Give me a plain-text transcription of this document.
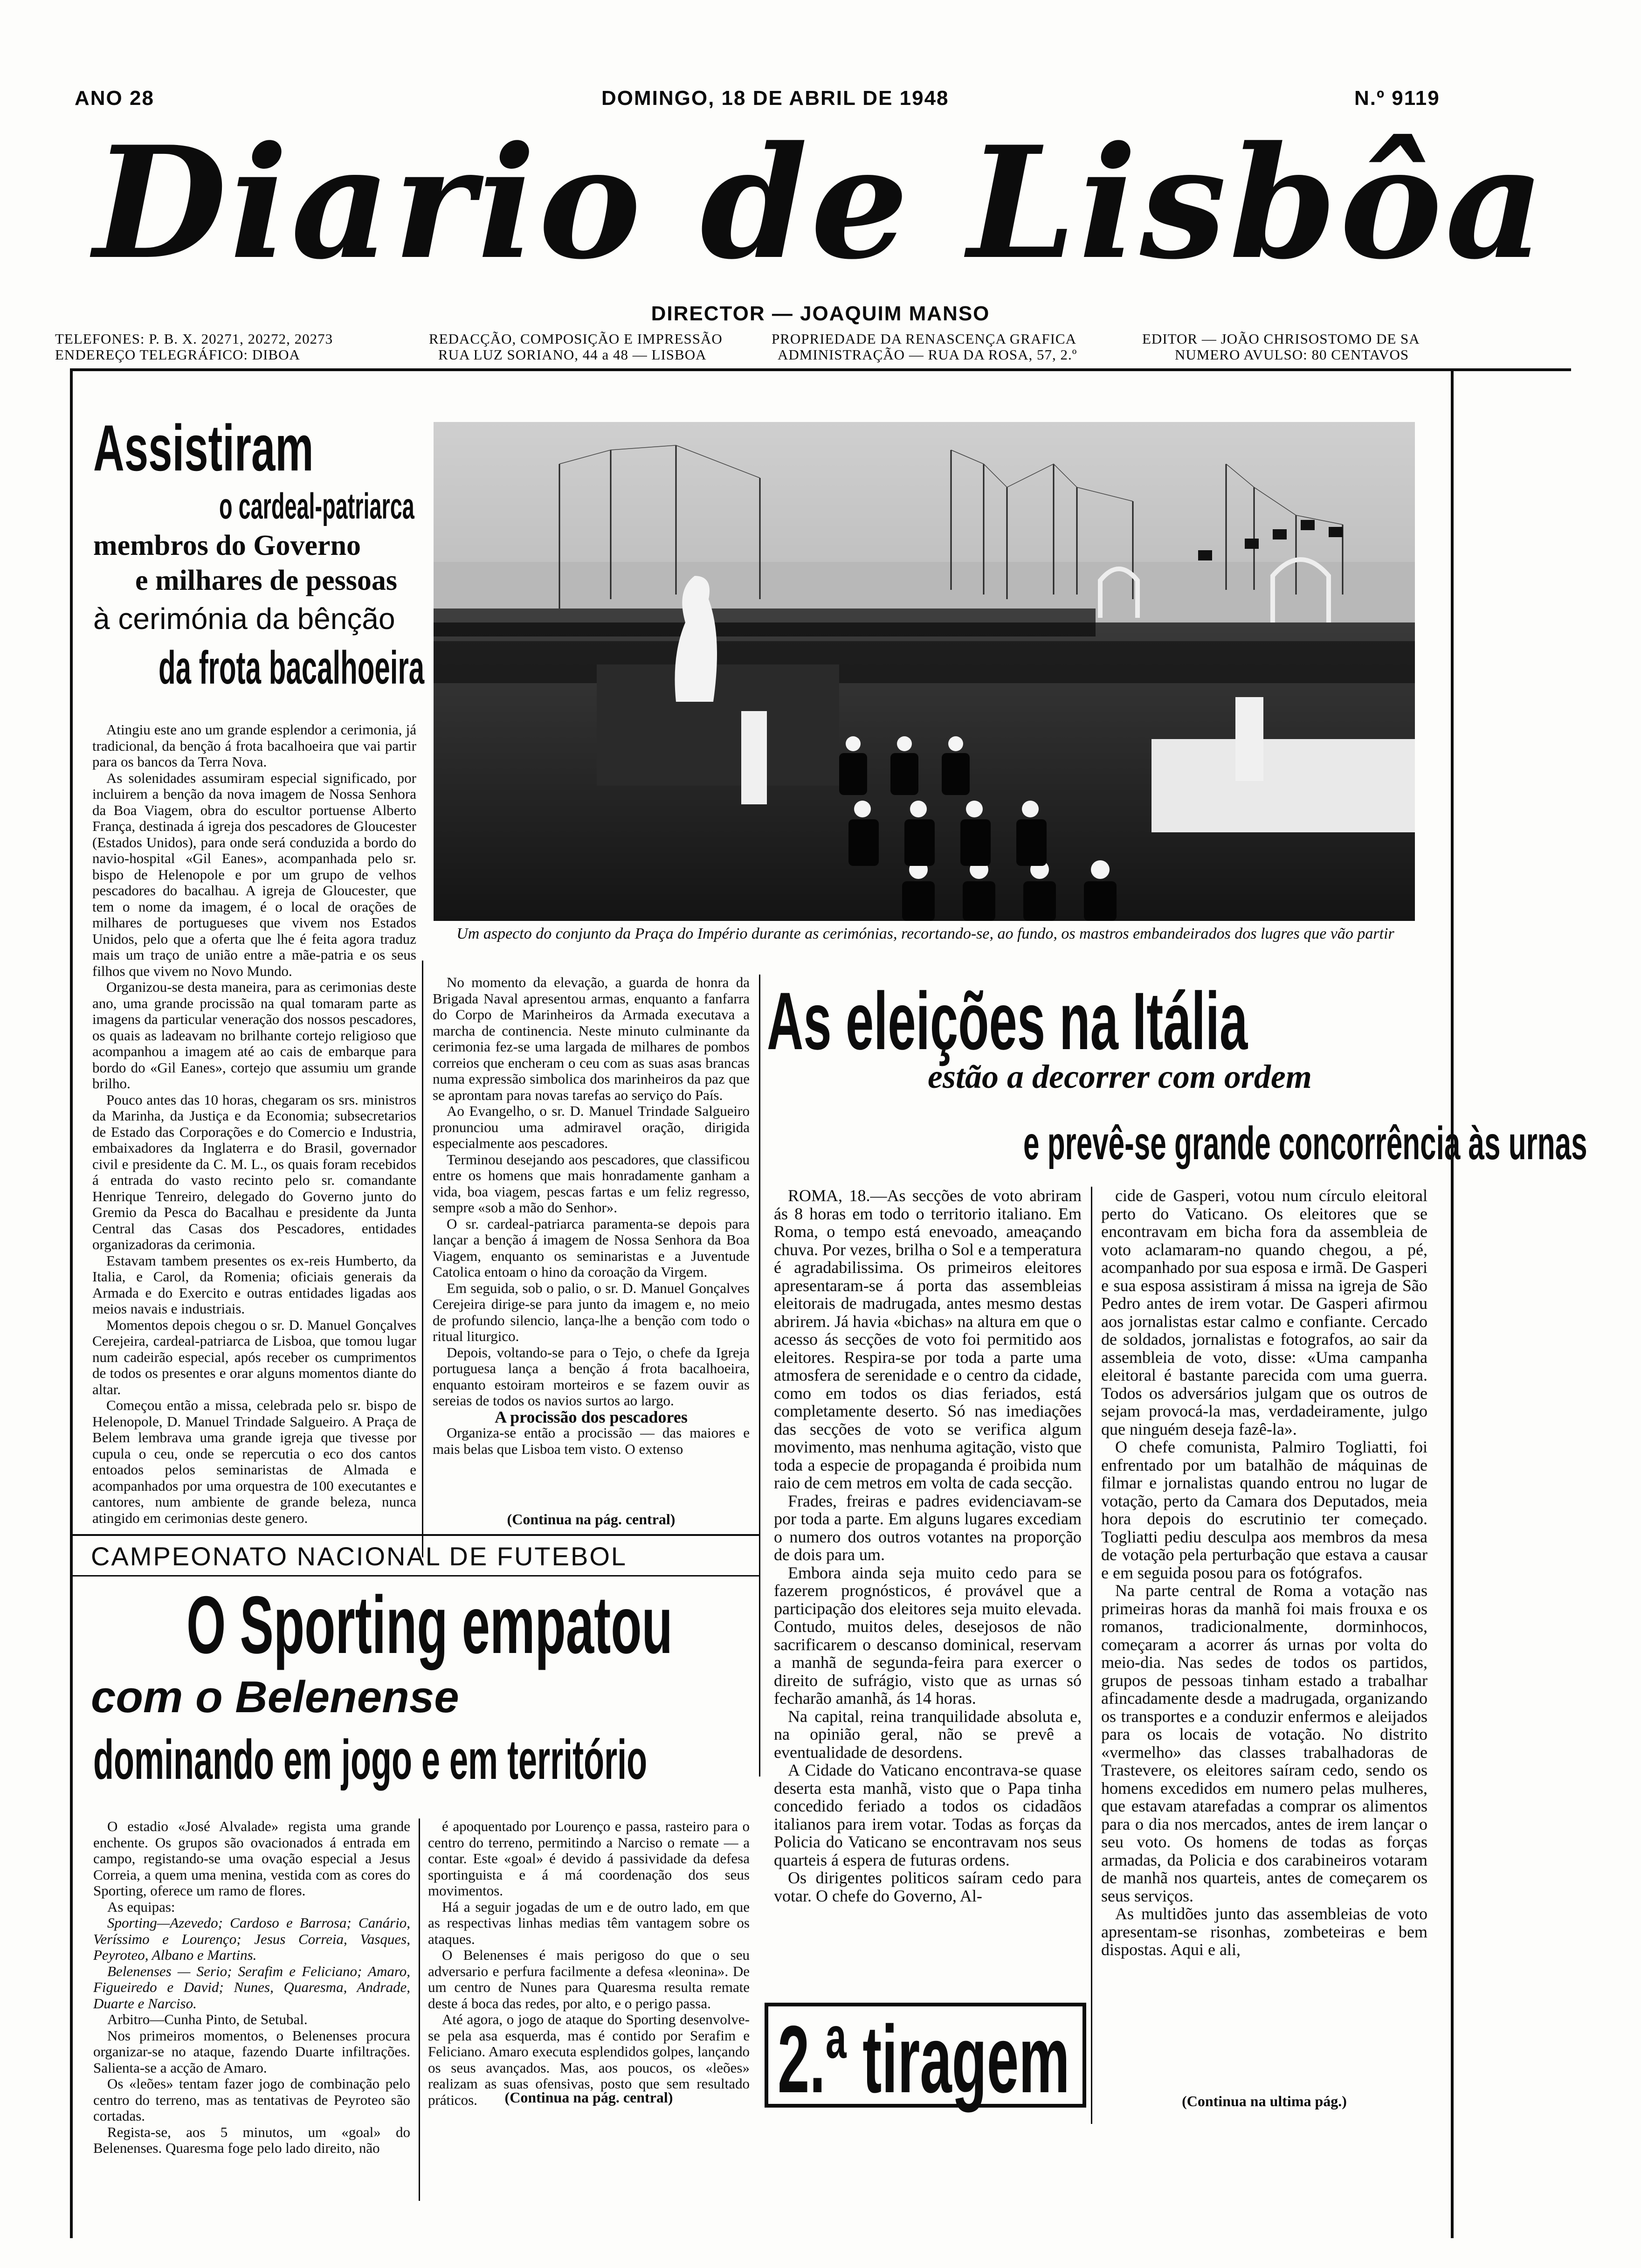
ANO 28	DOMINGO, 18 DE ABRIL DE 1948	N.º 9119
Diario de Lisbôa
DIRECTOR — JOAQUIM MANSO
TELEFONES: P. B. X. 20271, 20272, 20273
ENDEREÇO TELEGRÁFICO: DIBOA
REDACÇÃO, COMPOSIÇÃO E IMPRESSÃO
RUA LUZ SORIANO, 44 a 48 — LISBOA
PROPRIEDADE DA RENASCENÇA GRAFICA
ADMINISTRAÇÃO — RUA DA ROSA, 57, 2.º
EDITOR — JOÃO CHRISOSTOMO DE SA
NUMERO AVULSO: 80 CENTAVOS
Assistiram
o cardeal-patriarca
membros do Governo
e milhares de pessoas
à cerimónia da bênção
da frota bacalhoeira

Atingiu este ano um grande esplendor a cerimonia, já tradicional, da benção á frota bacalhoeira que vai partir para os bancos da Terra Nova.

As solenidades assumiram especial significado, por incluirem a benção da nova imagem de Nossa Senhora da Boa Viagem, obra do escultor portuense Alberto França, destinada á igreja dos pescadores de Gloucester (Estados Unidos), para onde será conduzida a bordo do navio-hospital «Gil Eanes», acompanhada pelo sr. bispo de Helenopole e por um grupo de velhos pescadores do bacalhau. A igreja de Gloucester, que tem o nome da imagem, é o local de orações de milhares de portugueses que vivem nos Estados Unidos, pelo que a oferta que lhe é feita agora traduz mais um traço de união entre a mãe-patria e os seus filhos que vivem no Novo Mundo.

Organizou-se desta maneira, para as cerimonias deste ano, uma grande procissão na qual tomaram parte as imagens da particular veneração dos nossos pescadores, os quais as ladeavam no brilhante cortejo religioso que acompanhou a imagem até ao cais de embarque para bordo do «Gil Eanes», cortejo que assumiu um grande brilho.

Pouco antes das 10 horas, chegaram os srs. ministros da Marinha, da Justiça e da Economia; subsecretarios de Estado das Corporações e do Comercio e Industria, embaixadores da Inglaterra e do Brasil, governador civil e presidente da C. M. L., os quais foram recebidos á entrada do vasto recinto pelo sr. comandante Henrique Tenreiro, delegado do Governo junto do Gremio da Pesca do Bacalhau e presidente da Junta Central das Casas dos Pescadores, entidades organizadoras da cerimonia.

Estavam tambem presentes os ex-reis Humberto, da Italia, e Carol, da Romenia; oficiais generais da Armada e do Exercito e outras entidades ligadas aos meios navais e industriais.

Momentos depois chegou o sr. D. Manuel Gonçalves Cerejeira, cardeal-patriarca de Lisboa, que tomou lugar num cadeirão especial, após receber os cumprimentos de todos os presentes e orar alguns momentos diante do altar.

Começou então a missa, celebrada pelo sr. bispo de Helenopole, D. Manuel Trindade Salgueiro. A Praça de Belem lembrava uma grande igreja que tivesse por cupula o ceu, onde se repercutia o eco dos cantos entoados pelos seminaristas de Almada e acompanhados por uma orquestra de 100 executantes e cantores, num ambiente de grande beleza, nunca atingido em cerimonias deste genero.

No momento da elevação, a guarda de honra da Brigada Naval apresentou armas, enquanto a fanfarra do Corpo de Marinheiros da Armada executava a marcha de continencia. Neste minuto culminante da cerimonia fez-se uma largada de milhares de pombos correios que encheram o ceu com as suas asas brancas numa expressão simbolica dos marinheiros da paz que se aprontam para novas tarefas ao serviço do País.

Ao Evangelho, o sr. D. Manuel Trindade Salgueiro pronunciou uma admiravel oração, dirigida especialmente aos pescadores.

Terminou desejando aos pescadores, que classificou entre os homens que mais honradamente ganham a vida, boa viagem, pescas fartas e um feliz regresso, sempre «sob a mão do Senhor».

O sr. cardeal-patriarca paramenta-se depois para lançar a benção á imagem de Nossa Senhora da Boa Viagem, enquanto os seminaristas e a Juventude Catolica entoam o hino da coroação da Virgem.

Em seguida, sob o palio, o sr. D. Manuel Gonçalves Cerejeira dirige-se para junto da imagem e, no meio de profundo silencio, lança-lhe a benção com todo o ritual liturgico.

Depois, voltando-se para o Tejo, o chefe da Igreja portuguesa lança a benção á frota bacalhoeira, enquanto estoiram morteiros e se fazem ouvir as sereias de todos os navios surtos ao largo.

A procissão dos pescadores

Organiza-se então a procissão — das maiores e mais belas que Lisboa tem visto. O extenso

(Continua na pág. central)
Um aspecto do conjunto da Praça do Império durante as cerimónias, recortando-se, ao fundo, os mastros embandeirados dos lugres que vão partir
As eleições na Itália
estão a decorrer com ordem
e prevê-se grande concorrência às urnas

ROMA, 18.—As secções de voto abriram ás 8 horas em todo o territorio italiano. Em Roma, o tempo está enevoado, ameaçando chuva. Por vezes, brilha o Sol e a temperatura é agradabilissima. Os primeiros eleitores apresentaram-se á porta das assembleias eleitorais de madrugada, antes mesmo destas abrirem. Já havia «bichas» na altura em que o acesso ás secções de voto foi permitido aos eleitores. Respira-se por toda a parte uma atmosfera de serenidade e o centro da cidade, como em todos os dias feriados, está completamente deserto. Só nas imediações das secções de voto se verifica algum movimento, mas nenhuma agitação, visto que toda a especie de propaganda é proibida num raio de cem metros em volta de cada secção.

Frades, freiras e padres evidenciavam-se por toda a parte. Em alguns lugares excediam o numero dos outros votantes na proporção de dois para um.

Embora ainda seja muito cedo para se fazerem prognósticos, é provável que a participação dos eleitores seja muito elevada. Contudo, muitos deles, desejosos de não sacrificarem o descanso dominical, reservam a manhã de segunda-feira para exercer o direito de sufrágio, visto que as urnas só fecharão amanhã, ás 14 horas.

Na capital, reina tranquilidade absoluta e, na opinião geral, não se prevê a eventualidade de desordens.

A Cidade do Vaticano encontrava-se quase deserta esta manhã, visto que o Papa tinha concedido feriado a todos os cidadãos italianos para irem votar. Todas as forças da Policia do Vaticano se encontravam nos seus quarteis á espera de futuras ordens.

Os dirigentes politicos saíram cedo para votar. O chefe do Governo, Al-

cide de Gasperi, votou num círculo eleitoral perto do Vaticano. Os eleitores que se encontravam em bicha fora da assembleia de voto aclamaram-no quando chegou, a pé, acompanhado por sua esposa e irmã. De Gasperi e sua esposa assistiram á missa na igreja de São Pedro antes de irem votar. De Gasperi afirmou aos jornalistas estar calmo e confiante. Cercado de soldados, jornalistas e fotografos, ao sair da assembleia de voto, disse: «Uma campanha eleitoral é bastante parecida com uma guerra. Todos os adversários julgam que os outros de sejam provocá-la mas, verdadeiramente, julgo que ninguém deseja fazê-la».

O chefe comunista, Palmiro Togliatti, foi enfrentado por um batalhão de máquinas de filmar e jornalistas quando entrou no lugar de votação, perto da Camara dos Deputados, meia hora depois do escrutinio ter começado. Togliatti pediu desculpa aos membros da mesa de votação pela perturbação que estava a causar e em seguida posou para os fotógrafos.

Na parte central de Roma a votação nas primeiras horas da manhã foi mais frouxa e os romanos, tradicionalmente, dorminhocos, começaram a acorrer ás urnas por volta do meio-dia. Nas sedes de todos os partidos, grupos de pessoas tinham estado a trabalhar afincadamente desde a madrugada, organizando os transportes e a conduzir enfermos e aleijados para os locais de votação. No distrito «vermelho» das classes trabalhadoras de Trastevere, os eleitores saíram cedo, sendo os homens excedidos em numero pelas mulheres, que estavam atarefadas a comprar os alimentos para o dia nos mercados, antes de irem lançar o seu voto. Os homens de todas as forças armadas, da Policia e dos carabineiros votaram de manhã nos quarteis, antes de começarem os seus serviços.

As multidões junto das assembleias de voto apresentam-se risonhas, zombeteiras e bem dispostas. Aqui e ali,

(Continua na ultima pág.)
2.ª tiragem
CAMPEONATO NACIONAL DE FUTEBOL
O Sporting empatou
com o Belenense
dominando em jogo e em território

O estadio «José Alvalade» regista uma grande enchente. Os grupos são ovacionados á entrada em campo, registando-se uma ovação especial a Jesus Correia, a quem uma menina, vestida com as cores do Sporting, oferece um ramo de flores.

As equipas:

Sporting—Azevedo; Cardoso e Barrosa; Canário, Veríssimo e Lourenço; Jesus Correia, Vasques, Peyroteo, Albano e Martins.

Belenenses — Serio; Serafim e Feliciano; Amaro, Figueiredo e David; Nunes, Quaresma, Andrade, Duarte e Narciso.

Arbitro—Cunha Pinto, de Setubal.

Nos primeiros momentos, o Belenenses procura organizar-se no ataque, fazendo Duarte infiltrações. Salienta-se a acção de Amaro.

Os «leões» tentam fazer jogo de combinação pelo centro do terreno, mas as tentativas de Peyroteo são cortadas.

Regista-se, aos 5 minutos, um «goal» do Belenenses. Quaresma foge pelo lado direito, não

é apoquentado por Lourenço e passa, rasteiro para o centro do terreno, permitindo a Narciso o remate — a contar. Este «goal» é devido á passividade da defesa sportinguista e á má coordenação dos seus movimentos.

Há a seguir jogadas de um e de outro lado, em que as respectivas linhas medias têm vantagem sobre os ataques.

O Belenenses é mais perigoso do que o seu adversario e perfura facilmente a defesa «leonina». De um centro de Nunes para Quaresma resulta remate deste á boca das redes, por alto, e o perigo passa.

Até agora, o jogo de ataque do Sporting desenvolve-se pela asa esquerda, mas é contido por Serafim e Feliciano. Amaro executa esplendidos golpes, lançando os seus avançados. Mas, aos poucos, os «leões» realizam as suas ofensivas, posto que sem resultado práticos.	(Continua na pág. central)
